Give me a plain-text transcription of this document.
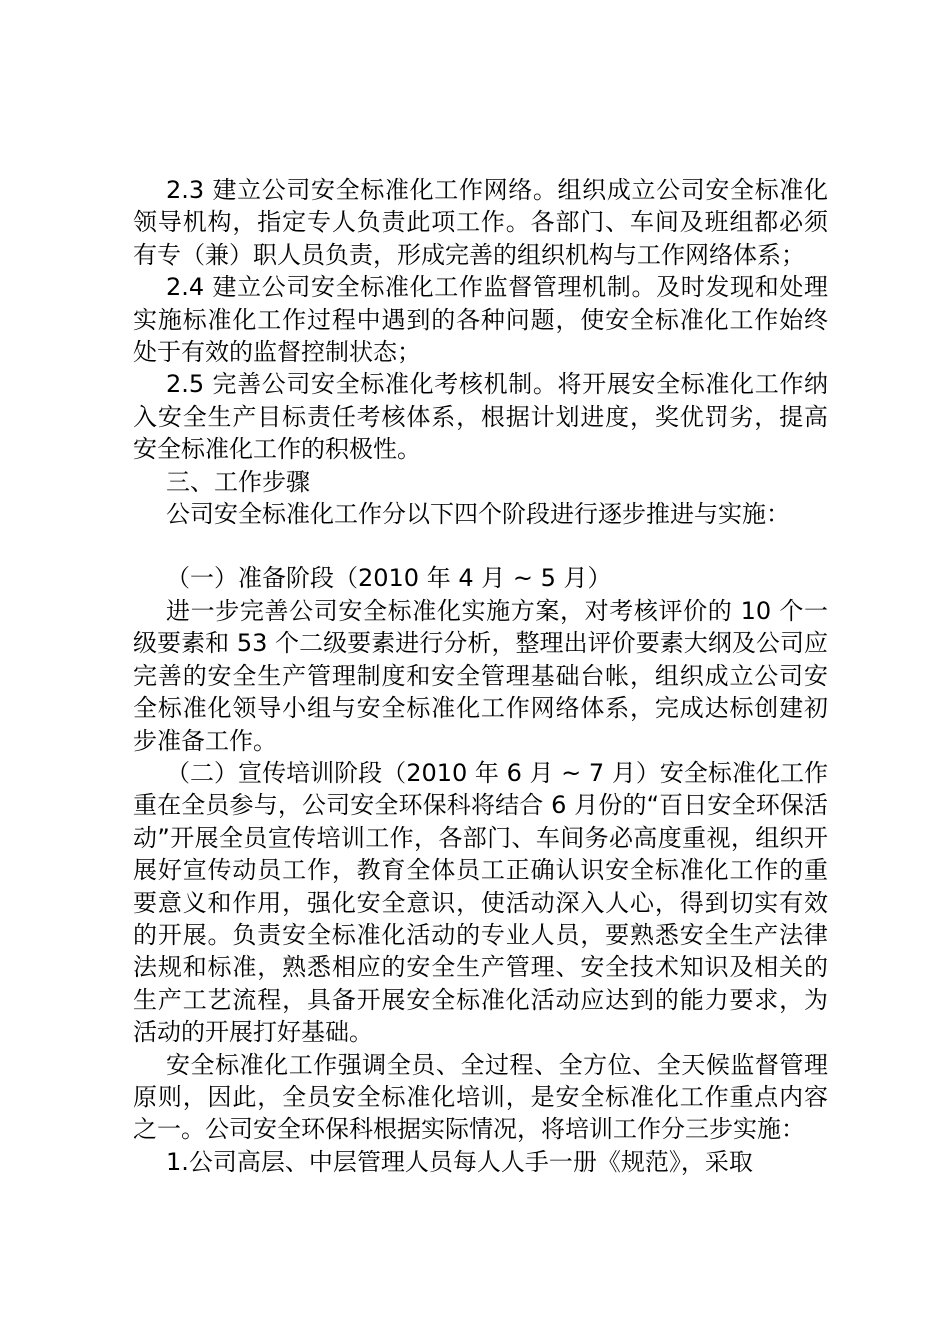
2.3 建立公司安全标准化工作网络。组织成立公司安全标准化领导机构，指定专人负责此项工作。各部门、车间及班组都必须有专（兼）职人员负责，形成完善的组织机构与工作网络体系；

2.4 建立公司安全标准化工作监督管理机制。及时发现和处理实施标准化工作过程中遇到的各种问题，使安全标准化工作始终处于有效的监督控制状态；

2.5 完善公司安全标准化考核机制。将开展安全标准化工作纳入安全生产目标责任考核体系，根据计划进度，奖优罚劣，提高安全标准化工作的积极性。

三、工作步骤

公司安全标准化工作分以下四个阶段进行逐步推进与实施：

（一）准备阶段（2010 年 4 月 ~ 5 月）

进一步完善公司安全标准化实施方案，对考核评价的 10 个一级要素和 53 个二级要素进行分析，整理出评价要素大纲及公司应完善的安全生产管理制度和安全管理基础台帐，组织成立公司安全标准化领导小组与安全标准化工作网络体系，完成达标创建初步准备工作。

（二）宣传培训阶段（2010 年 6 月 ~ 7 月）安全标准化工作重在全员参与，公司安全环保科将结合 6 月份的“百日安全环保活动”开展全员宣传培训工作，各部门、车间务必高度重视，组织开展好宣传动员工作，教育全体员工正确认识安全标准化工作的重要意义和作用，强化安全意识，使活动深入人心，得到切实有效的开展。负责安全标准化活动的专业人员，要熟悉安全生产法律法规和标准，熟悉相应的安全生产管理、安全技术知识及相关的生产工艺流程，具备开展安全标准化活动应达到的能力要求，为活动的开展打好基础。

安全标准化工作强调全员、全过程、全方位、全天候监督管理原则，因此，全员安全标准化培训，是安全标准化工作重点内容之一。公司安全环保科根据实际情况，将培训工作分三步实施：

1.公司高层、中层管理人员每人人手一册《规范》，采取
